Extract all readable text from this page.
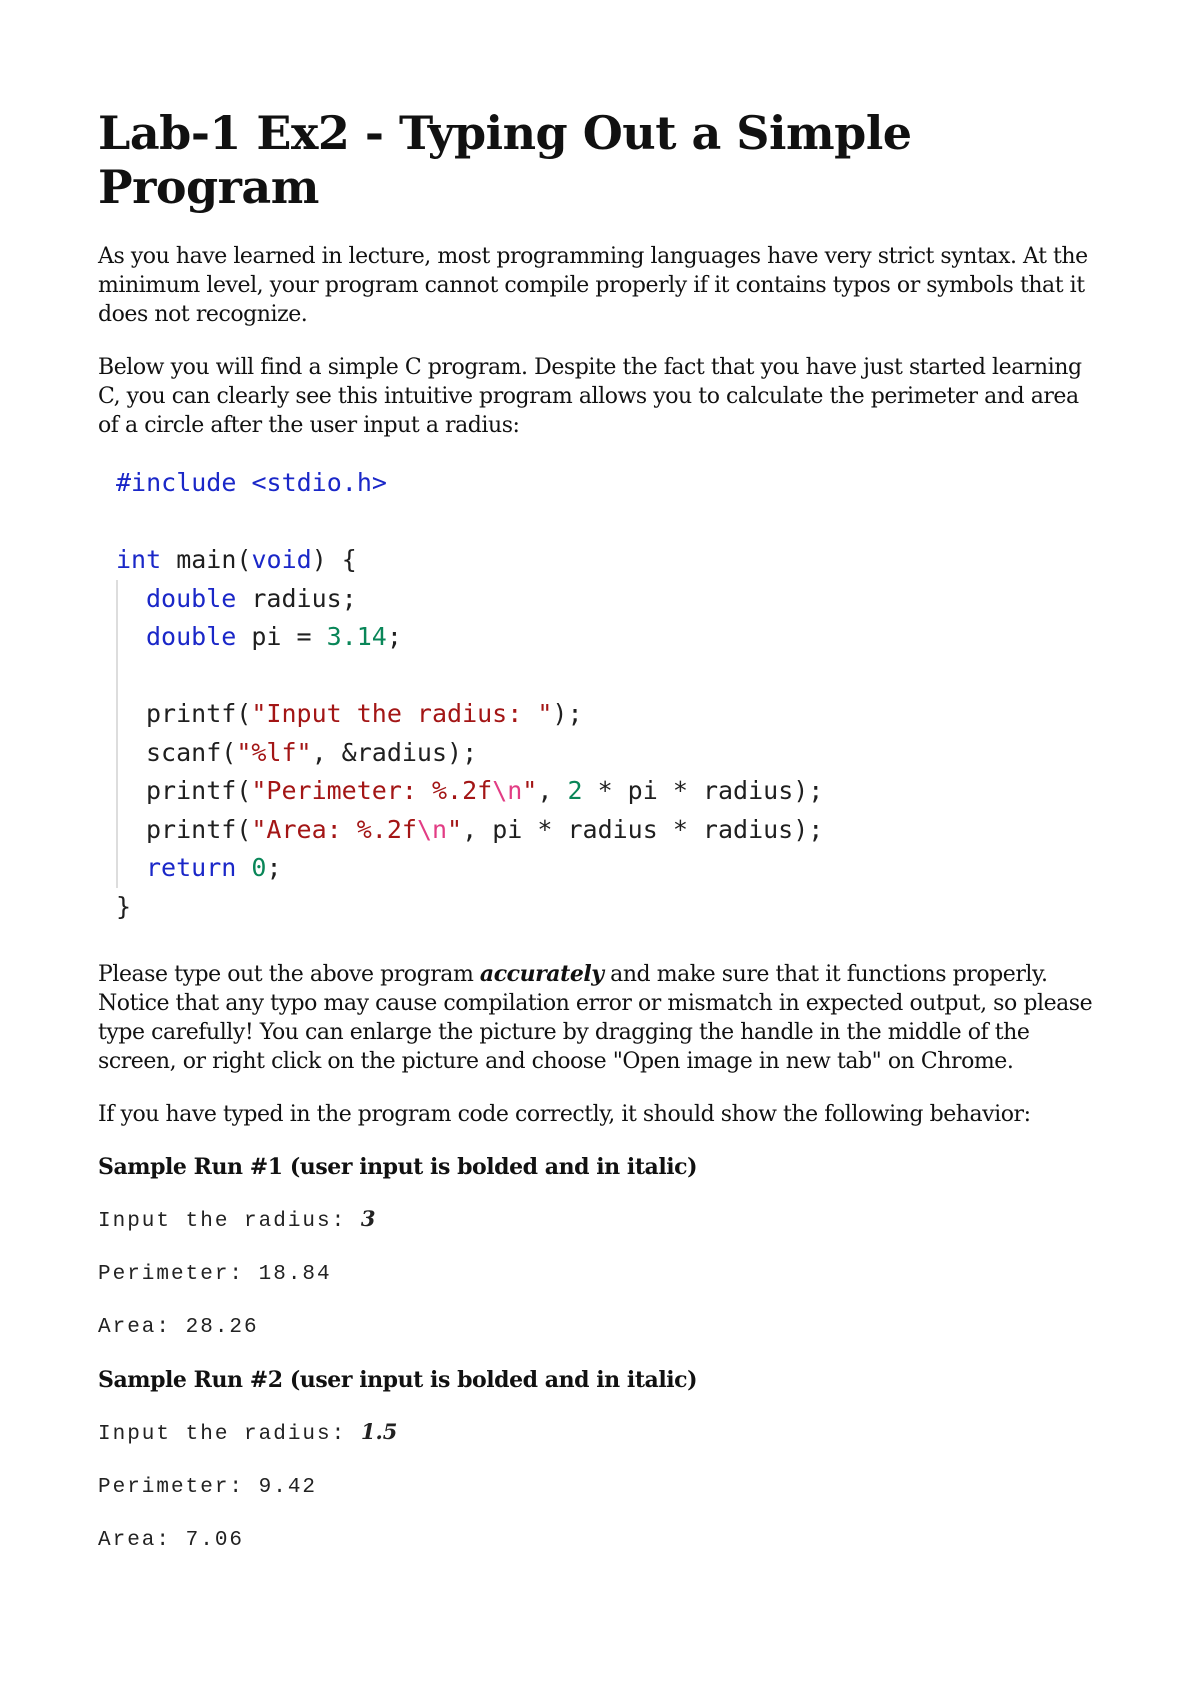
Lab-1 Ex2 - Typing Out a Simple Program

As you have learned in lecture, most programming languages have very strict syntax. At the minimum level, your program cannot compile properly if it contains typos or symbols that it does not recognize.

Below you will find a simple C program. Despite the fact that you have just started learning C, you can clearly see this intuitive program allows you to calculate the perimeter and area of a circle after the user input a radius:

#include <stdio.h>
int main(void) {
double radius;
double pi = 3.14;
printf("Input the radius: ");
scanf("%lf", &radius);
printf("Perimeter: %.2f\n", 2 * pi * radius);
printf("Area: %.2f\n", pi * radius * radius);
return 0;
}

Please type out the above program accurately and make sure that it functions properly. Notice that any typo may cause compilation error or mismatch in expected output, so please type carefully! You can enlarge the picture by dragging the handle in the middle of the screen, or right click on the picture and choose "Open image in new tab" on Chrome.

If you have typed in the program code correctly, it should show the following behavior:

Sample Run #1 (user input is bolded and in italic)

Input the radius: 3

Perimeter: 18.84

Area: 28.26

Sample Run #2 (user input is bolded and in italic)

Input the radius: 1.5

Perimeter: 9.42

Area: 7.06
